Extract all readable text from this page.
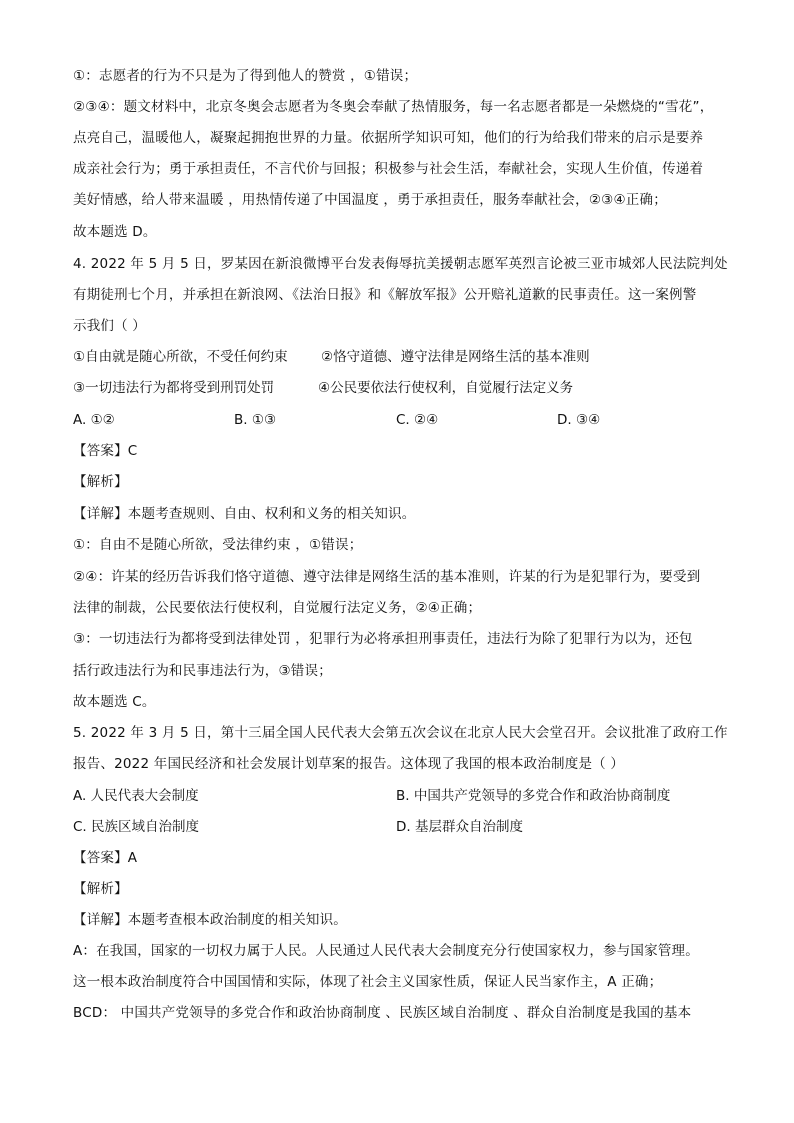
①：志愿者的行为不只是为了得到他人的赞赏 ，①错误；
②③④：题文材料中，北京冬奥会志愿者为冬奥会奉献了热情服务，每一名志愿者都是一朵燃烧的“雪花”，
点亮自己，温暖他人，凝聚起拥抱世界的力量。依据所学知识可知，他们的行为给我们带来的启示是要养
成亲社会行为；勇于承担责任，不言代价与回报；积极参与社会生活，奉献社会，实现人生价值，传递着
美好情感，给人带来温暖 ，用热情传递了中国温度 ，勇于承担责任，服务奉献社会，②③④正确；
故本题选 D。
4. 2022 年 5 月 5 日，罗某因在新浪微博平台发表侮辱抗美援朝志愿军英烈言论被三亚市城郊人民法院判处
有期徒刑七个月，并承担在新浪网、《法治日报》和《解放军报》公开赔礼道歉的民事责任。这一案例警
示我们（ ）
①自由就是随心所欲，不受任何约束 ②恪守道德、遵守法律是网络生活的基本准则
③一切违法行为都将受到刑罚处罚	④公民要依法行使权利，自觉履行法定义务
A. ①②	B. ①③	C. ②④	D. ③④
【答案】C
【解析】
【详解】本题考查规则、自由、权利和义务的相关知识。
①：自由不是随心所欲，受法律约束 ，①错误；
②④：许某的经历告诉我们恪守道德、遵守法律是网络生活的基本准则，许某的行为是犯罪行为，要受到
法律的制裁，公民要依法行使权利，自觉履行法定义务，②④正确；
③：一切违法行为都将受到法律处罚 ，犯罪行为必将承担刑事责任，违法行为除了犯罪行为以为，还包
括行政违法行为和民事违法行为，③错误；
故本题选 C。
5. 2022 年 3 月 5 日，第十三届全国人民代表大会第五次会议在北京人民大会堂召开。会议批准了政府工作
报告、2022 年国民经济和社会发展计划草案的报告。这体现了我国的根本政治制度是（ ）
A. 人民代表大会制度	B. 中国共产党领导的多党合作和政治协商制度
C. 民族区域自治制度	D. 基层群众自治制度
【答案】A
【解析】
【详解】本题考查根本政治制度的相关知识。
A：在我国，国家的一切权力属于人民。人民通过人民代表大会制度充分行使国家权力，参与国家管理。
这一根本政治制度符合中国国情和实际，体现了社会主义国家性质，保证人民当家作主，A 正确；
BCD： 中国共产党领导的多党合作和政治协商制度 、民族区域自治制度 、群众自治制度是我国的基本
